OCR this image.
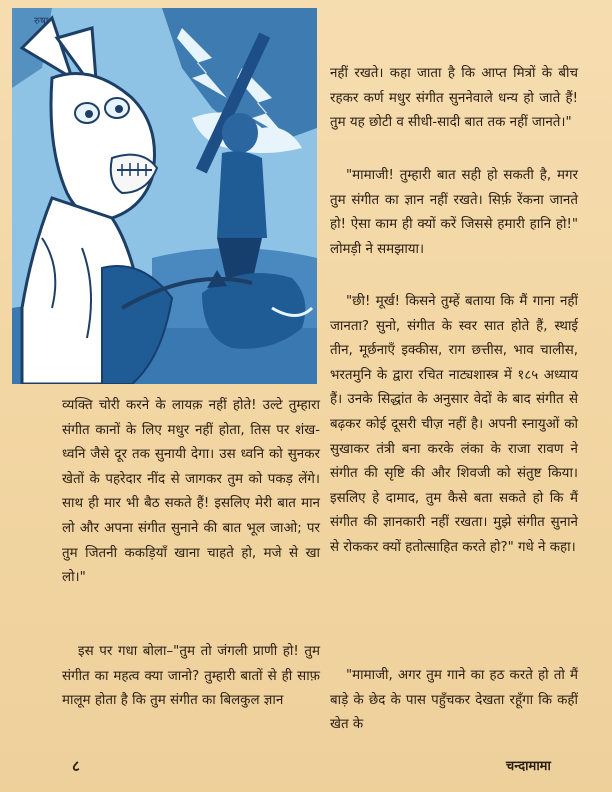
रुषा

नहीं रखते। कहा जाता है कि आप्त मित्रों के बीच रहकर कर्ण मधुर संगीत सुननेवाले धन्य हो जाते हैं! तुम यह छोटी व सीधी-सादी बात तक नहीं जानते।"

"मामाजी! तुम्हारी बात सही हो सकती है, मगर तुम संगीत का ज्ञान नहीं रखते। सिर्फ़ रेंकना जानते हो! ऐसा काम ही क्यों करें जिससे हमारी हानि हो!" लोमड़ी ने समझाया।

"छी! मूर्ख! किसने तुम्हें बताया कि मैं गाना नहीं जानता? सुनो, संगीत के स्वर सात होते हैं, स्थाई तीन, मूर्छनाएँ इक्कीस, राग छत्तीस, भाव चालीस, भरतमुनि के द्वारा रचित नाट्यशास्त्र में १८५ अध्याय हैं। उनके सिद्धांत के अनुसार वेदों के बाद संगीत से बढ़कर कोई दूसरी चीज़ नहीं है। अपनी स्नायुओं को सुखाकर तंत्री बना करके लंका के राजा रावण ने संगीत की सृष्टि की और शिवजी को संतुष्ट किया। इसलिए हे दामाद, तुम कैसे बता सकते हो कि मैं संगीत की ज्ञानकारी नहीं रखता। मुझे संगीत सुनाने से रोककर क्यों हतोत्साहित करते हो?" गधे ने कहा।

"मामाजी, अगर तुम गाने का हठ करते हो तो मैं बाड़े के छेद के पास पहुँचकर देखता रहूँगा कि कहीं खेत के

व्यक्ति चोरी करने के लायक़ नहीं होते! उल्टे तुम्हारा संगीत कानों के लिए मधुर नहीं होता, तिस पर शंख-ध्वनि जैसे दूर तक सुनायी देगा। उस ध्वनि को सुनकर खेतों के पहरेदार नींद से जागकर तुम को पकड़ लेंगे। साथ ही मार भी बैठ सकते हैं! इसलिए मेरी बात मान लो और अपना संगीत सुनाने की बात भूल जाओ; पर तुम जितनी ककड़ियाँ खाना चाहते हो, मजे से खा लो।"

इस पर गधा बोला–"तुम तो जंगली प्राणी हो! तुम संगीत का महत्व क्या जानो? तुम्हारी बातों से ही साफ़ मालूम होता है कि तुम संगीत का बिलकुल ज्ञान

८	चन्दामामा
